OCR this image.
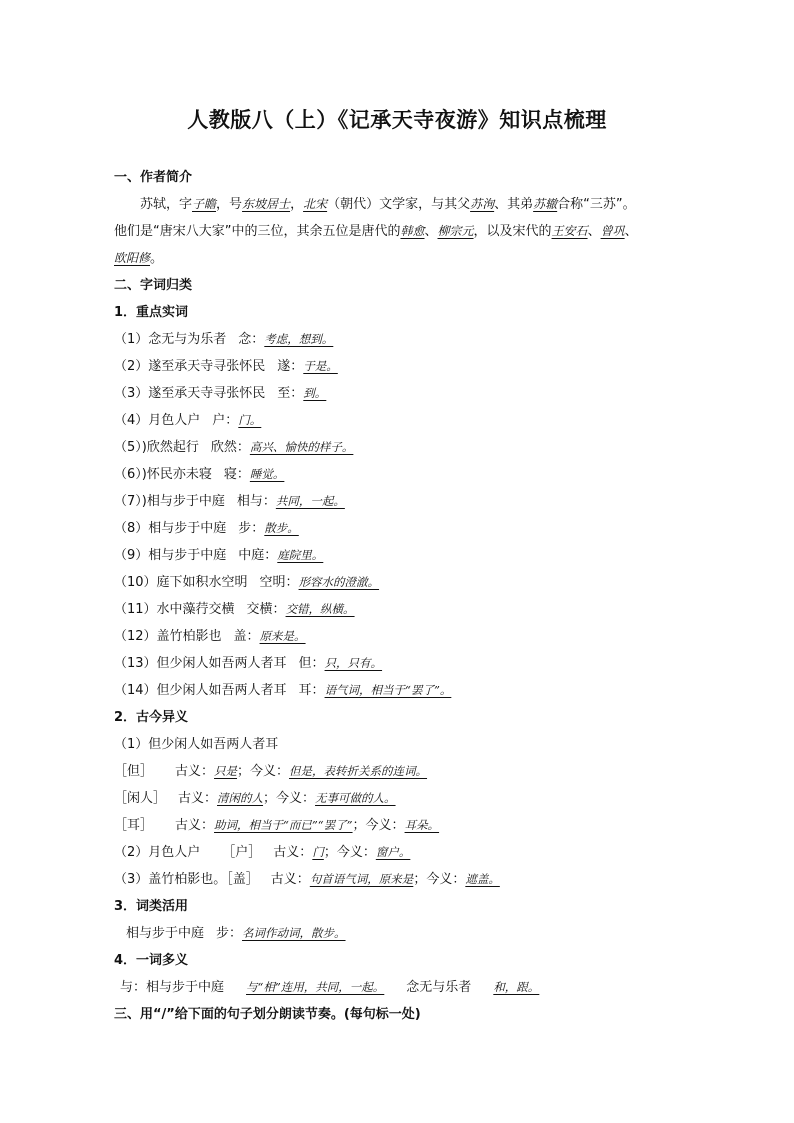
人教版八（上）《记承天寺夜游》知识点梳理
一、作者简介
苏轼，字子瞻，号东坡居士，北宋（朝代）文学家，与其父苏洵、其弟苏辙合称“三苏”。
他们是“唐宋八大家”中的三位，其余五位是唐代的韩愈、柳宗元，以及宋代的王安石、曾巩、
欧阳修。
二、字词归类
1．重点实词
（1）念无与为乐者 念：考虑，想到。
（2）遂至承天寺寻张怀民 遂：于是。
（3）遂至承天寺寻张怀民 至：到。
（4）月色人户 户：门。
（5）)欣然起行 欣然：高兴、愉快的样子。
（6）)怀民亦未寝 寝：睡觉。
（7）)相与步于中庭 相与：共同，一起。
（8）相与步于中庭 步：散步。
（9）相与步于中庭 中庭：庭院里。
（10）庭下如积水空明 空明：形容水的澄澈。
（11）水中藻荇交横 交横：交错，纵横。
（12）盖竹柏影也 盖：原来是。
（13）但少闲人如吾两人者耳 但：只，只有。
（14）但少闲人如吾两人者耳 耳：语气词，相当于“罢了”。
2．古今异义
（1）但少闲人如吾两人者耳
［但］ 古义：只是；今义：但是，表转折关系的连词。
［闲人］ 古义：清闲的人；今义：无事可做的人。
［耳］ 古义：助词，相当于“而已”“罢了”；今义：耳朵。
（2）月色人户 ［户］ 古义：门；今义：窗户。
（3）盖竹柏影也。［盖］ 古义：句首语气词，原来是；今义：遮盖。
3．词类活用
相与步于中庭 步：名词作动词，散步。
4．一词多义
与：相与步于中庭 与“相”连用，共同，一起。 念无与乐者 和，跟。
三、用“/”给下面的句子划分朗读节奏。(每句标一处)
